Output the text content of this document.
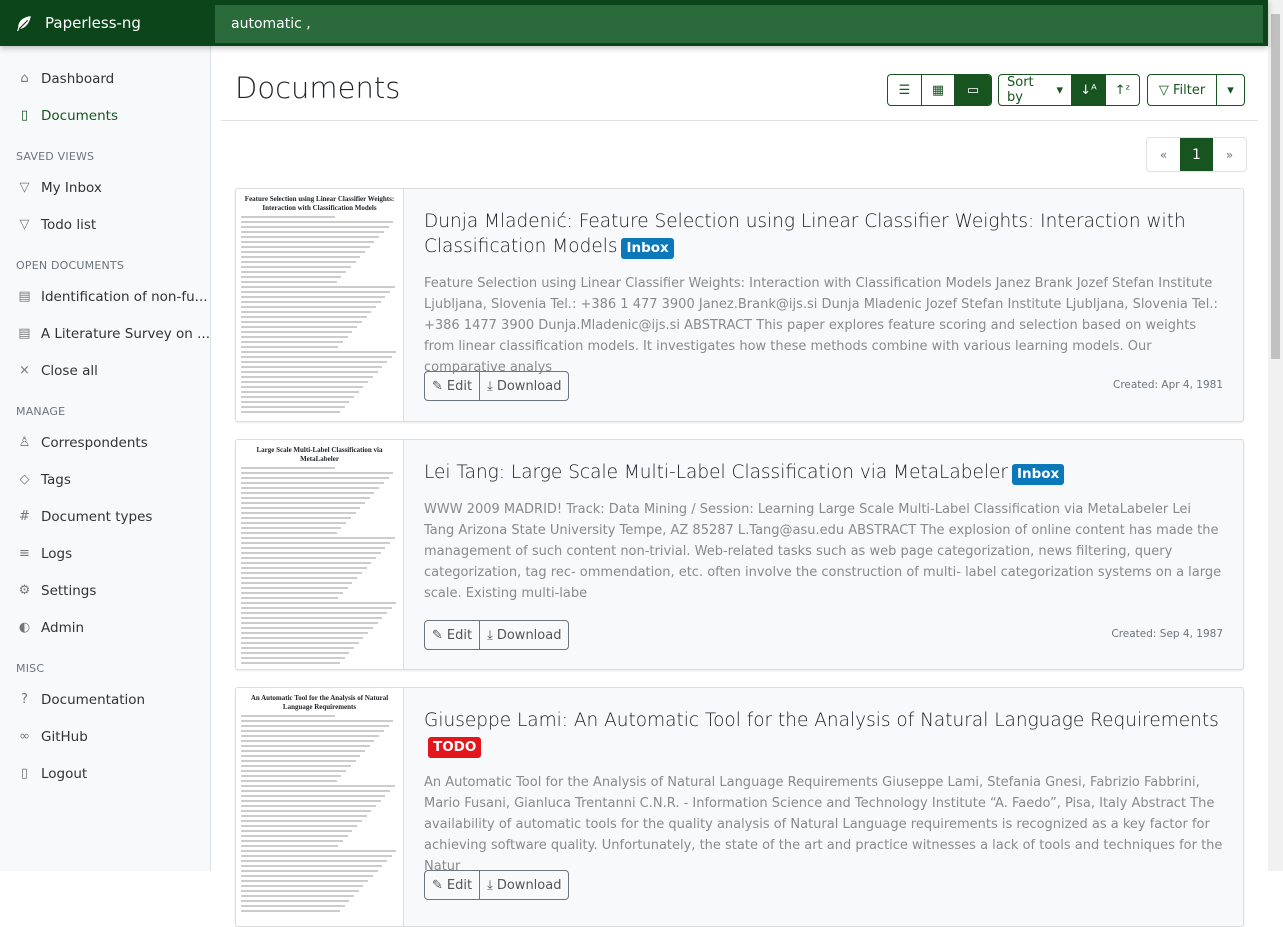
Paperless-ng	automatic ,
⌂ Dashboard
▯ Documents
SAVED VIEWS
▽ My Inbox
▽ Todo list
OPEN DOCUMENTS
▤ Identification of non-fu...
▤ A Literature Survey on ...
× Close all
MANAGE
♙ Correspondents
◇ Tags
# Document types
≡ Logs
⚙ Settings
◐ Admin
MISC
? Documentation
∞ GitHub
▯ Logout
Documents	☰ ▦ ▭ Sort by	▾	↓ᴬ ↑ᶻ ▽
Filter ▾
«	1	»
Feature Selection using Linear Classifier Weights: Interaction with Classification Models
Dunja Mladenić: Feature Selection using Linear Classifier Weights: Interaction with Classification Models Inbox
Feature Selection using Linear Classifier Weights: Interaction with Classification Models Janez Brank Jozef Stefan Institute Ljubljana, Slovenia Tel.: +386 1 477 3900 Janez.Brank@ijs.si Dunja Mladenic Jozef Stefan Institute Ljubljana, Slovenia Tel.: +386 1477 3900 Dunja.Mladenic@ijs.si ABSTRACT This paper explores feature scoring and selection based on weights from linear classification models. It investigates how these methods combine with various learning models. Our comparative analys
✎ Edit ⤓ Download	Created: Apr 4, 1981
Large Scale Multi-Label Classification via MetaLabeler
Lei Tang: Large Scale Multi-Label Classification via MetaLabeler Inbox
WWW 2009 MADRID! Track: Data Mining / Session: Learning Large Scale Multi-Label Classification via MetaLabeler Lei Tang Arizona State University Tempe, AZ 85287 L.Tang@asu.edu ABSTRACT The explosion of online content has made the management of such content non-trivial. Web-related tasks such as web page categorization, news filtering, query categorization, tag rec- ommendation, etc. often involve the construction of multi- label categorization systems on a large scale. Existing multi-labe
✎ Edit ⤓ Download	Created: Sep 4, 1987
An Automatic Tool for the Analysis of Natural Language Requirements
Giuseppe Lami: An Automatic Tool for the Analysis of Natural Language RequirementsTODO
An Automatic Tool for the Analysis of Natural Language Requirements Giuseppe Lami, Stefania Gnesi, Fabrizio Fabbrini, Mario Fusani, Gianluca Trentanni C.N.R. - Information Science and Technology Institute “A. Faedo”, Pisa, Italy Abstract The availability of automatic tools for the quality analysis of Natural Language requirements is recognized as a key factor for achieving software quality. Unfortunately, the state of the art and practice witnesses a lack of tools and techniques for the Natur
✎ Edit ⤓ Download
